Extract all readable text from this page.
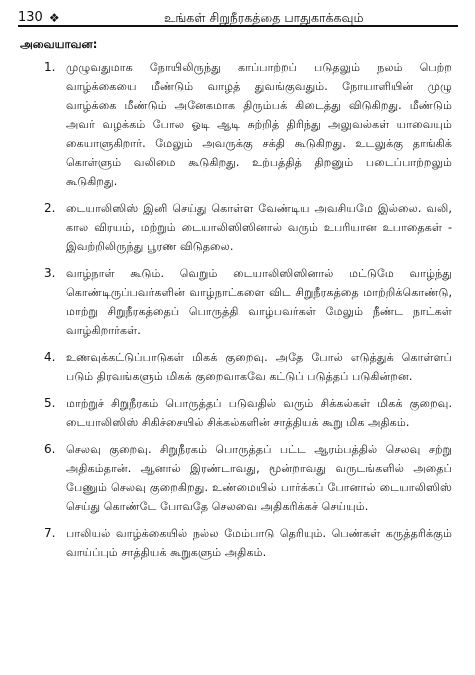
130 ❖	உங்கள் சிறுநீரகத்தை பாதுகாக்கவும்
அவையாவன:
1. முழுவதுமாக நோயிலிருந்து காப்பாற்றப் படுதலும் நலம் பெற்ற வாழ்க்கையை மீண்டும் வாழத் துவங்குவதும். நோயாளியின் முழு வாழ்க்கை மீண்டும் அனேகமாக திரும்பக் கிடைத்து விடுகிறது. மீண்டும் அவர் வழக்கம் போல ஓடி ஆடி சுற்றித் திரிந்து அலுவல்கள் யாவையும் கையாளுகிறார். மேலும் அவருக்கு சக்தி கூடுகிறது. உடலுக்கு தாங்கிக் கொள்ளும் வலிமை கூடுகிறது. உற்பத்தித் திறனும் படைப்பாற்றலும் கூடுகிறது.
2. டையாலிஸிஸ் இனி செய்து கொள்ள வேண்டிய அவசியமே இல்லை. வலி, கால விரயம், மற்றும் டையாலிஸிஸினால் வரும் உபரியான உபாதைகள் - இவற்றிலிருந்து பூரண விடுதலை.
3. வாழ்நாள் கூடும். வெறும் டையாலிஸிஸினால் மட்டுமே வாழ்ந்து கொண்டிருப்பவர்களின் வாழ்நாட்களை விட சிறுநீரகத்தை மாற்றிக்கொண்டு, மாற்று சிறுநீரகத்தைப் பொருத்தி வாழ்பவர்கள் மேலும் நீண்ட நாட்கள் வாழ்கிறார்கள்.
4. உணவுக்கட்டுப்பாடுகள் மிகக் குறைவு. அதே போல் எடுத்துக் கொள்ளப் படும் திரவங்களும் மிகக் குறைவாகவே கட்டுப் படுத்தப் படுகின்றன.
5. மாற்றுச் சிறுநீரகம் பொருத்தப் படுவதில் வரும் சிக்கல்கள் மிகக் குறைவு. டையாலிஸிஸ் சிகிச்சையில் சிக்கல்களின் சாத்தியக் கூறு மிக அதிகம்.
6. செலவு குறைவு. சிறுநீரகம் பொருத்தப் பட்ட ஆரம்பத்தில் செலவு சற்று அதிகம்தான். ஆனால் இரண்டாவது, மூன்றாவது வருடங்களில் அதைப் பேணும் செலவு குறைகிறது. உண்மையில் பார்க்கப் போனால் டையாலிஸிஸ் செய்து கொண்டே போவதே செலவை அதிகரிக்கச் செய்யும்.
7. பாலியல் வாழ்க்கையில் நல்ல மேம்பாடு தெரியும். பெண்கள் கருத்தரிக்கும் வாய்ப்பும் சாத்தியக் கூறுகளும் அதிகம்.
